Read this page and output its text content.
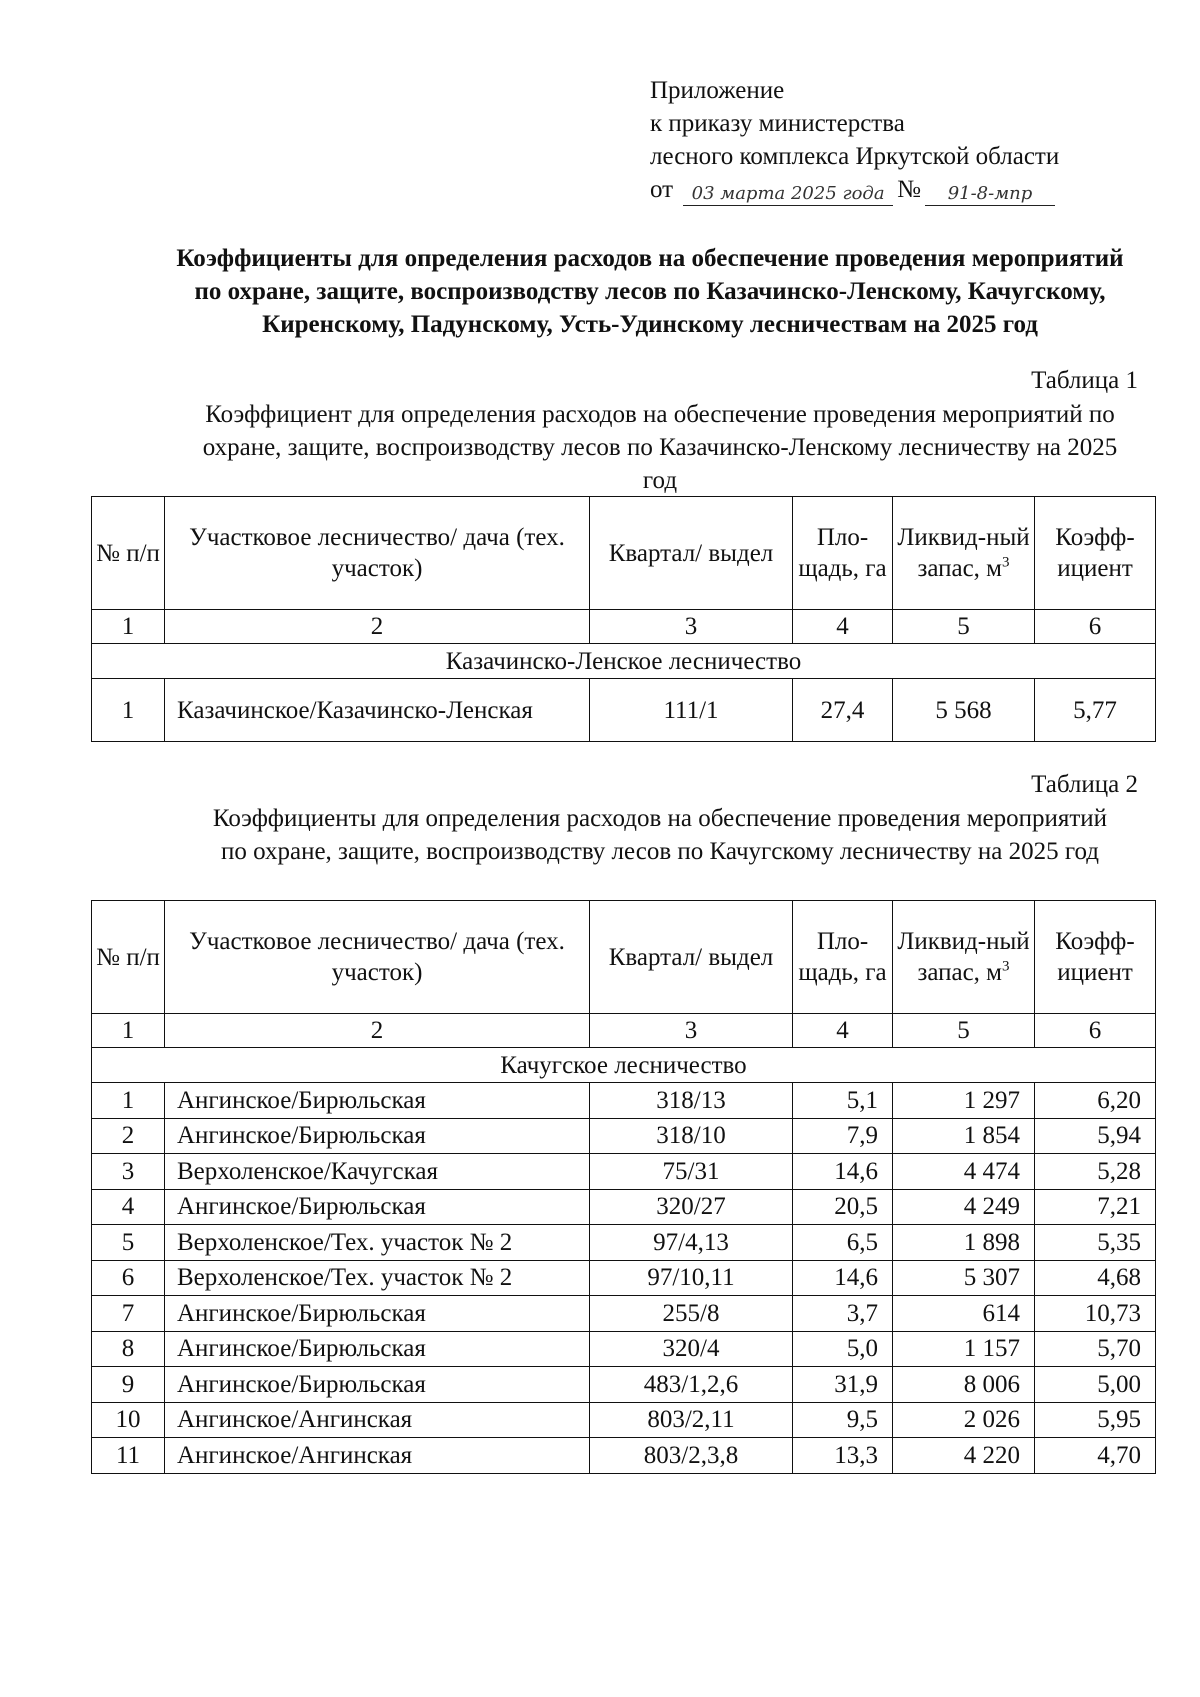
Приложение
к приказу министерства
лесного комплекса Иркутской области
от	03 марта 2025 года №	91-8-мпр
Коэффициенты для определения расходов на обеспечение проведения мероприятий по охране, защите, воспроизводству лесов по Казачинско-Ленскому, Качугскому, Киренскому, Падунскому, Усть-Удинскому лесничествам на 2025 год
Таблица 1
Коэффициент для определения расходов на обеспечение проведения мероприятий по охране, защите, воспроизводству лесов по Казачинско-Ленскому лесничеству на 2025 год
№ п/п	Участковое лесничество/ дача (тех. участок)	Квартал/ выдел	Пло-щадь, га	Ликвид-ный запас, $м^3$	Коэфф-ициент
1	2	3	4	5	6
Казачинско-Ленское лесничество					
1	Казачинское/Казачинско-Ленская	111/1	27,4	5 568	5,77
Таблица 2
Коэффициенты для определения расходов на обеспечение проведения мероприятий по охране, защите, воспроизводству лесов по Качугскому лесничеству на 2025 год
№ п/п	Участковое лесничество/ дача (тех. участок)	Квартал/ выдел	Пло-щадь, га	Ликвид-ный запас, $м^3$	Коэфф-ициент
1	2	3	4	5	6
Качугское лесничество					
1	Ангинское/Бирюльская	318/13	5,1	1 297	6,20
2	Ангинское/Бирюльская	318/10	7,9	1 854	5,94
3	Верхоленское/Качугская	75/31	14,6	4 474	5,28
4	Ангинское/Бирюльская	320/27	20,5	4 249	7,21
5	Верхоленское/Тех. участок № 2	97/4,13	6,5	1 898	5,35
6	Верхоленское/Тех. участок № 2	97/10,11	14,6	5 307	4,68
7	Ангинское/Бирюльская	255/8	3,7	614	10,73
8	Ангинское/Бирюльская	320/4	5,0	1 157	5,70
9	Ангинское/Бирюльская	483/1,2,6	31,9	8 006	5,00
10	Ангинское/Ангинская	803/2,11	9,5	2 026	5,95
11	Ангинское/Ангинская	803/2,3,8	13,3	4 220	4,70
